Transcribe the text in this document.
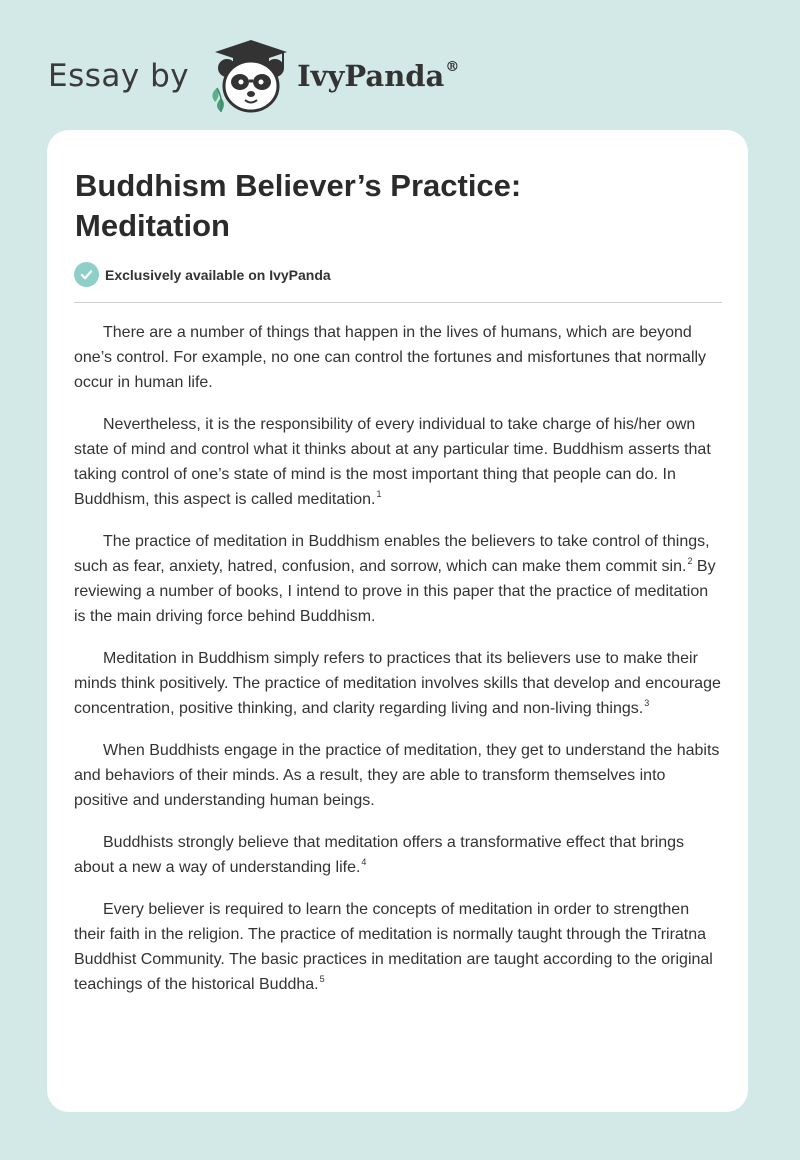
Essay by	IvyPanda®
Buddhism Believer’s Practice:
Meditation
Exclusively available on IvyPanda

There are a number of things that happen in the lives of humans, which are beyond one’s control. For example, no one can control the fortunes and misfortunes that normally occur in human life.

Nevertheless, it is the responsibility of every individual to take charge of his/her own state of mind and control what it thinks about at any particular time. Buddhism asserts that taking control of one’s state of mind is the most important thing that people can do. In Buddhism, this aspect is called meditation.$^1$

The practice of meditation in Buddhism enables the believers to take control of things, such as fear, anxiety, hatred, confusion, and sorrow, which can make them commit sin.$^2$ By reviewing a number of books, I intend to prove in this paper that the practice of meditation is the main driving force behind Buddhism.

Meditation in Buddhism simply refers to practices that its believers use to make their minds think positively. The practice of meditation involves skills that develop and encourage concentration, positive thinking, and clarity regarding living and non-living things.$^3$

When Buddhists engage in the practice of meditation, they get to understand the habits and behaviors of their minds. As a result, they are able to transform themselves into positive and understanding human beings.

Buddhists strongly believe that meditation offers a transformative effect that brings about a new a way of understanding life.$^4$

Every believer is required to learn the concepts of meditation in order to strengthen their faith in the religion. The practice of meditation is normally taught through the Triratna Buddhist Community. The basic practices in meditation are taught according to the original teachings of the historical Buddha.$^5$
